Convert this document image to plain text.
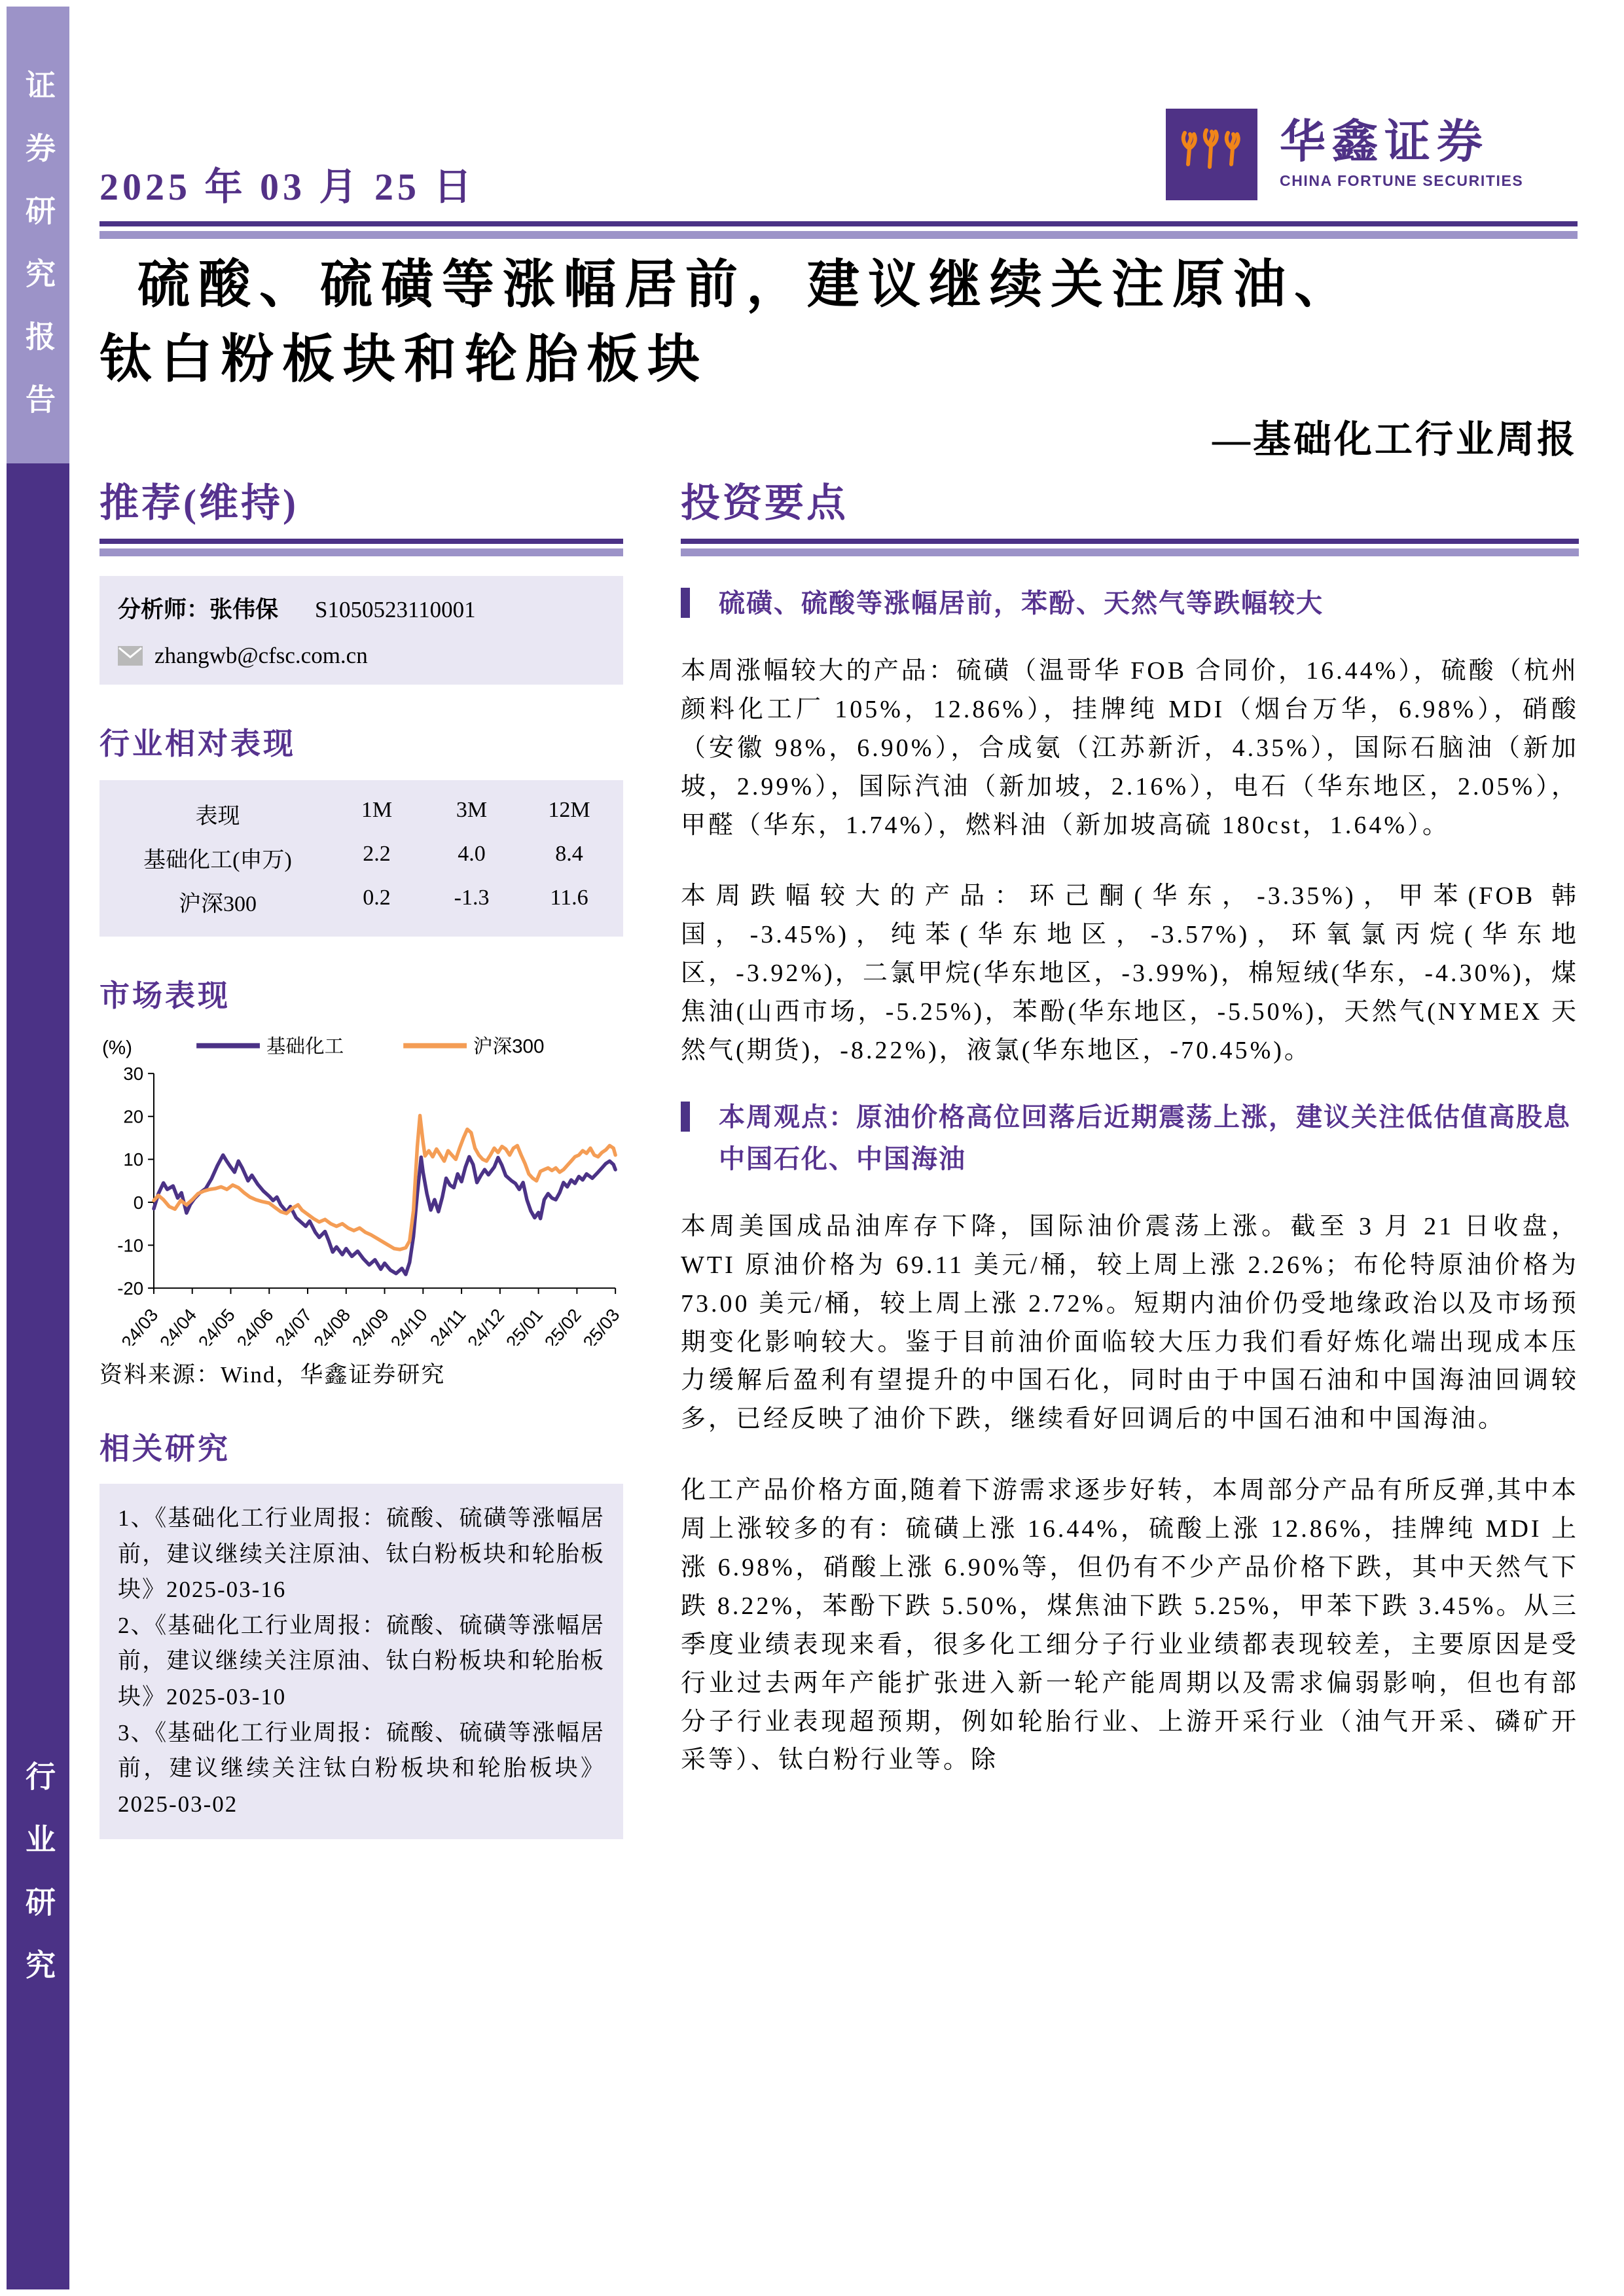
证券研究报告
行业研究
2025 年 03 月 25 日
华鑫证券
CHINA FORTUNE SECURITIES
硫酸、硫磺等涨幅居前，建议继续关注原油、
钛白粉板块和轮胎板块
—基础化工行业周报
推荐(维持)
分析师：张伟保 S1050523110001
zhangwb@cfsc.com.cn
行业相对表现
表现	1M	3M	12M
基础化工(申万)	2.2	4.0	8.4
沪深300	0.2	-1.3	11.6
市场表现
(%)	基础化工	沪深300
30
20
10
0
-10
-20
24/03
24/04
24/05
24/06
24/07
24/08
24/09
24/10
24/11
24/12
25/01
25/02
25/03
资料来源：Wind，华鑫证券研究
相关研究
1、《基础化工行业周报：硫酸、硫磺等涨幅居前，建议继续关注原油、钛白粉板块和轮胎板块》2025-03-16
2、《基础化工行业周报：硫酸、硫磺等涨幅居前，建议继续关注原油、钛白粉板块和轮胎板块》2025-03-10
3、《基础化工行业周报：硫酸、硫磺等涨幅居前，建议继续关注钛白粉板块和轮胎板块》2025-03-02
投资要点
硫磺、硫酸等涨幅居前，苯酚、天然气等跌幅较大
本周涨幅较大的产品：硫磺（温哥华 FOB 合同价，16.44%），硫酸（杭州颜料化工厂 105%，12.86%），挂牌纯 MDI（烟台万华，6.98%），硝酸（安徽 98%，6.90%），合成氨（江苏新沂，4.35%），国际石脑油（新加坡，2.99%），国际汽油（新加坡，2.16%），电石（华东地区，2.05%），甲醛（华东，1.74%），燃料油（新加坡高硫 180cst，1.64%）。
本周跌幅较大的产品：环己酮(华东，-3.35%)，甲苯(FOB 韩国，-3.45%)，纯苯(华东地区，-3.57%)，环氧氯丙烷(华东地区，-3.92%)，二氯甲烷(华东地区，-3.99%)，棉短绒(华东，-4.30%)，煤焦油(山西市场，-5.25%)，苯酚(华东地区，-5.50%)，天然气(NYMEX 天然气(期货)，-8.22%)，液氯(华东地区，-70.45%)。
本周观点：原油价格高位回落后近期震荡上涨，建议关注低估值高股息中国石化、中国海油
本周美国成品油库存下降，国际油价震荡上涨。截至 3 月 21 日收盘，WTI 原油价格为 69.11 美元/桶，较上周上涨 2.26%；布伦特原油价格为 73.00 美元/桶，较上周上涨 2.72%。短期内油价仍受地缘政治以及市场预期变化影响较大。鉴于目前油价面临较大压力我们看好炼化端出现成本压力缓解后盈利有望提升的中国石化，同时由于中国石油和中国海油回调较多，已经反映了油价下跌，继续看好回调后的中国石油和中国海油。
化工产品价格方面,随着下游需求逐步好转，本周部分产品有所反弹,其中本周上涨较多的有：硫磺上涨 16.44%，硫酸上涨 12.86%，挂牌纯 MDI 上涨 6.98%，硝酸上涨 6.90%等，但仍有不少产品价格下跌，其中天然气下跌 8.22%，苯酚下跌 5.50%，煤焦油下跌 5.25%，甲苯下跌 3.45%。从三季度业绩表现来看，很多化工细分子行业业绩都表现较差，主要原因是受行业过去两年产能扩张进入新一轮产能周期以及需求偏弱影响，但也有部分子行业表现超预期，例如轮胎行业、上游开采行业（油气开采、磷矿开采等）、钛白粉行业等。除
